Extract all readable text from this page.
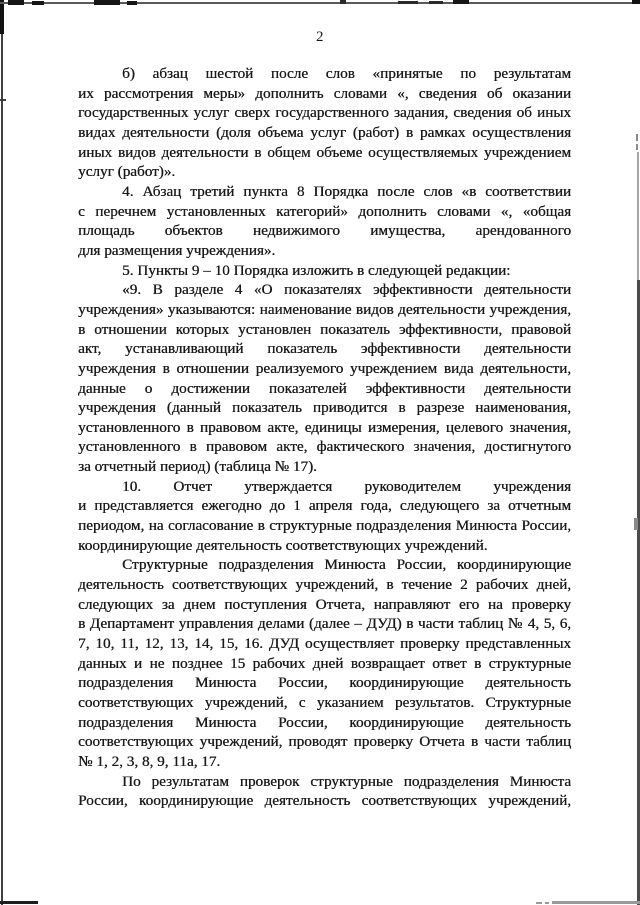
2
б) абзац шестой после слов «принятые по результатам
их рассмотрения меры» дополнить словами «, сведения об оказании
государственных услуг сверх государственного задания, сведения об иных
видах деятельности (доля объема услуг (работ) в рамках осуществления
иных видов деятельности в общем объеме осуществляемых учреждением
услуг (работ)».
4. Абзац третий пункта 8 Порядка после слов «в соответствии
с перечнем установленных категорий» дополнить словами «, «общая
площадь объектов недвижимого имущества, арендованного
для размещения учреждения».
5. Пункты 9 – 10 Порядка изложить в следующей редакции:
«9. В разделе 4 «О показателях эффективности деятельности
учреждения» указываются: наименование видов деятельности учреждения,
в отношении которых установлен показатель эффективности, правовой
акт, устанавливающий показатель эффективности деятельности
учреждения в отношении реализуемого учреждением вида деятельности,
данные о достижении показателей эффективности деятельности
учреждения (данный показатель приводится в разрезе наименования,
установленного в правовом акте, единицы измерения, целевого значения,
установленного в правовом акте, фактического значения, достигнутого
за отчетный период) (таблица № 17).
10. Отчет утверждается руководителем учреждения
и представляется ежегодно до 1 апреля года, следующего за отчетным
периодом, на согласование в структурные подразделения Минюста России,
координирующие деятельность соответствующих учреждений.
Структурные подразделения Минюста России, координирующие
деятельность соответствующих учреждений, в течение 2 рабочих дней,
следующих за днем поступления Отчета, направляют его на проверку
в Департамент управления делами (далее – ДУД) в части таблиц № 4, 5, 6,
7, 10, 11, 12, 13, 14, 15, 16. ДУД осуществляет проверку представленных
данных и не позднее 15 рабочих дней возвращает ответ в структурные
подразделения Минюста России, координирующие деятельность
соответствующих учреждений, с указанием результатов. Структурные
подразделения Минюста России, координирующие деятельность
соответствующих учреждений, проводят проверку Отчета в части таблиц
№ 1, 2, 3, 8, 9, 11а, 17.
По результатам проверок структурные подразделения Минюста
России, координирующие деятельность соответствующих учреждений,
